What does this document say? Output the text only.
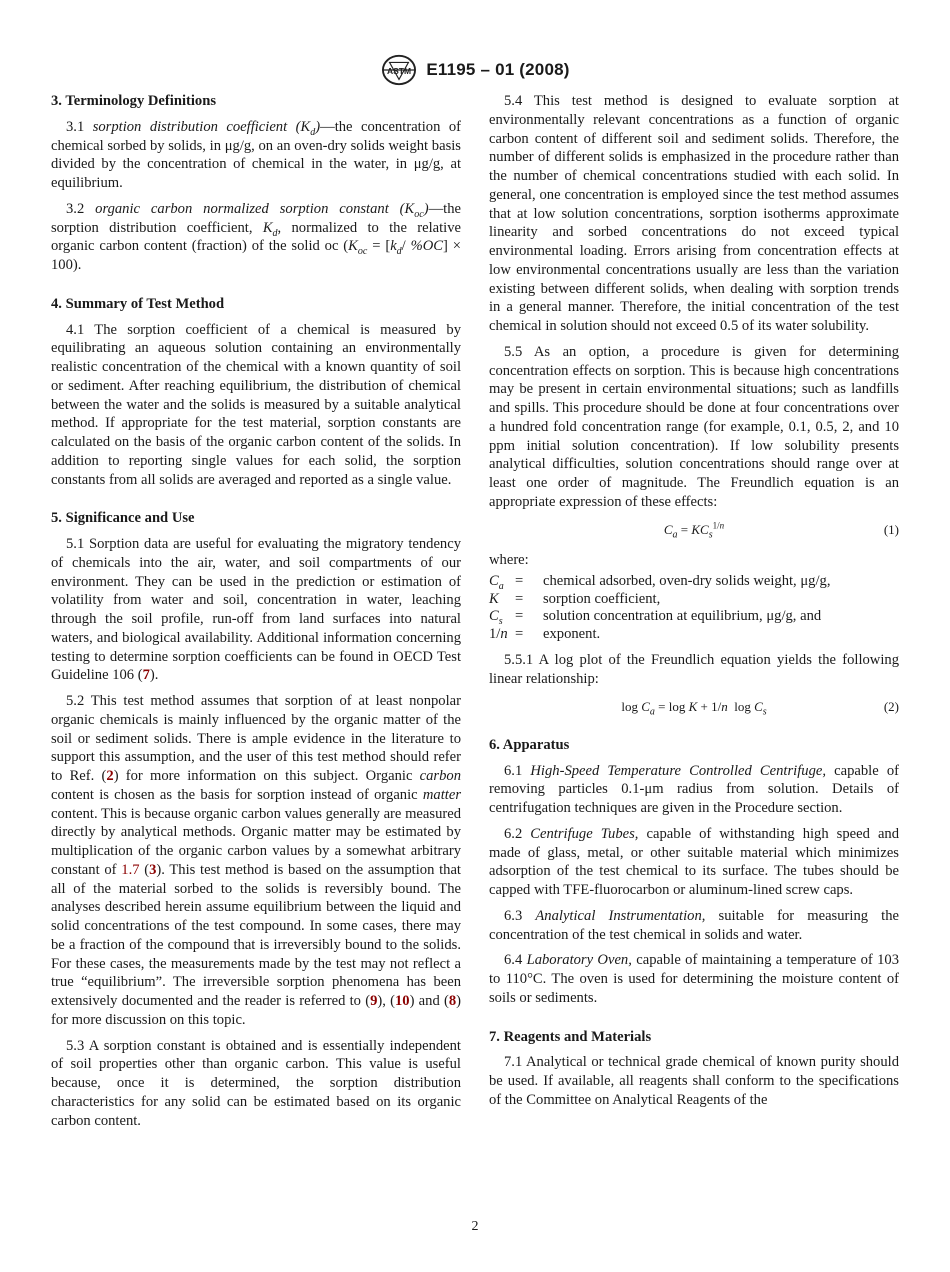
ASTM E1195 – 01 (2008)
3. Terminology Definitions

3.1 sorption distribution coefficient $(K_d)—the$ concentration of chemical sorbed by solids, in μg/g, on an oven-dry solids weight basis divided by the concentration of chemical in the water, in μg/g, at equilibrium.

3.2 organic carbon normalized sorption constant $(K_{oc})—the$ sorption distribution coefficient, $K_d$, normalized to the relative organic carbon content (fraction) of the solid oc ($K_{oc} = [k_d/$ %OC] × 100).

4. Summary of Test Method

4.1 The sorption coefficient of a chemical is measured by equilibrating an aqueous solution containing an environmentally realistic concentration of the chemical with a known quantity of soil or sediment. After reaching equilibrium, the distribution of chemical between the water and the solids is measured by a suitable analytical method. If appropriate for the test material, sorption constants are calculated on the basis of the organic carbon content of the solids. In addition to reporting single values for each solid, the sorption constants from all solids are averaged and reported as a single value.

5. Significance and Use

5.1 Sorption data are useful for evaluating the migratory tendency of chemicals into the air, water, and soil compartments of our environment. They can be used in the prediction or estimation of volatility from water and soil, concentration in water, leaching through the soil profile, run-off from land surfaces into natural waters, and biological availability. Additional information concerning testing to determine sorption coefficients can be found in OECD Test Guideline 106 (7).

5.2 This test method assumes that sorption of at least nonpolar organic chemicals is mainly influenced by the organic matter of the soil or sediment solids. There is ample evidence in the literature to support this assumption, and the user of this test method should refer to Ref. (2) for more information on this subject. Organic carbon content is chosen as the basis for sorption instead of organic matter content. This is because organic carbon values generally are measured directly by analytical methods. Organic matter may be estimated by multiplication of the organic carbon values by a somewhat arbitrary constant of 1.7 (3). This test method is based on the assumption that all of the material sorbed to the solids is reversibly bound. The analyses described herein assume equilibrium between the liquid and solid concentrations of the test compound. In some cases, there may be a fraction of the compound that is irreversibly bound to the solids. For these cases, the measurements made by the test may not reflect a true “equilibrium”. The irreversible sorption phenomena has been extensively documented and the reader is referred to (9), (10) and (8) for more discussion on this topic.

5.3 A sorption constant is obtained and is essentially independent of soil properties other than organic carbon. This value is useful because, once it is determined, the sorption distribution characteristics for any solid can be estimated based on its organic carbon content.

5.4 This test method is designed to evaluate sorption at environmentally relevant concentrations as a function of organic carbon content of different soil and sediment solids. Therefore, the number of different solids is emphasized in the procedure rather than the number of chemical concentrations studied with each solid. In general, one concentration is employed since the test method assumes that at low solution concentrations, sorption isotherms approximate linearity and sorbed concentrations do not exceed typical environmental loading. Errors arising from concentration effects at low environmental concentrations usually are less than the variation existing between different solids, when dealing with sorption trends in a general manner. Therefore, the initial concentration of the test chemical in solution should not exceed 0.5 of its water solubility.

5.5 As an option, a procedure is given for determining concentration effects on sorption. This is because high concentrations may be present in certain environmental situations; such as landfills and spills. This procedure should be done at four concentrations over a hundred fold concentration range (for example, 0.1, 0.5, 2, and 10 ppm initial solution concentration). If low solubility presents analytical difficulties, solution concentrations should range over at least one order of magnitude. The Freundlich equation is an appropriate expression of these effects:

$C_a = KC_s^{1/n}$	(1)

where:

$C_a$ =	chemical adsorbed, oven-dry solids weight, μg/g,
K	=	sorption coefficient,
$C_s$ =	solution concentration at equilibrium, μg/g, and
1/n =	exponent.

5.5.1 A log plot of the Freundlich equation yields the following linear relationship:

$\log C_a = \log K + 1/n$  $\log C_s$	(2)
6. Apparatus

6.1 High-Speed Temperature Controlled Centrifuge, capable of removing particles 0.1-μm radius from solution. Details of centrifugation techniques are given in the Procedure section.

6.2 Centrifuge Tubes, capable of withstanding high speed and made of glass, metal, or other suitable material which minimizes adsorption of the test chemical to its surface. The tubes should be capped with TFE-fluorocarbon or aluminum-lined screw caps.

6.3 Analytical Instrumentation, suitable for measuring the concentration of the test chemical in solids and water.

6.4 Laboratory Oven, capable of maintaining a temperature of 103 to 110°C. The oven is used for determining the moisture content of soils or sediments.

7. Reagents and Materials

7.1 Analytical or technical grade chemical of known purity should be used. If available, all reagents shall conform to the specifications of the Committee on Analytical Reagents of the

2
